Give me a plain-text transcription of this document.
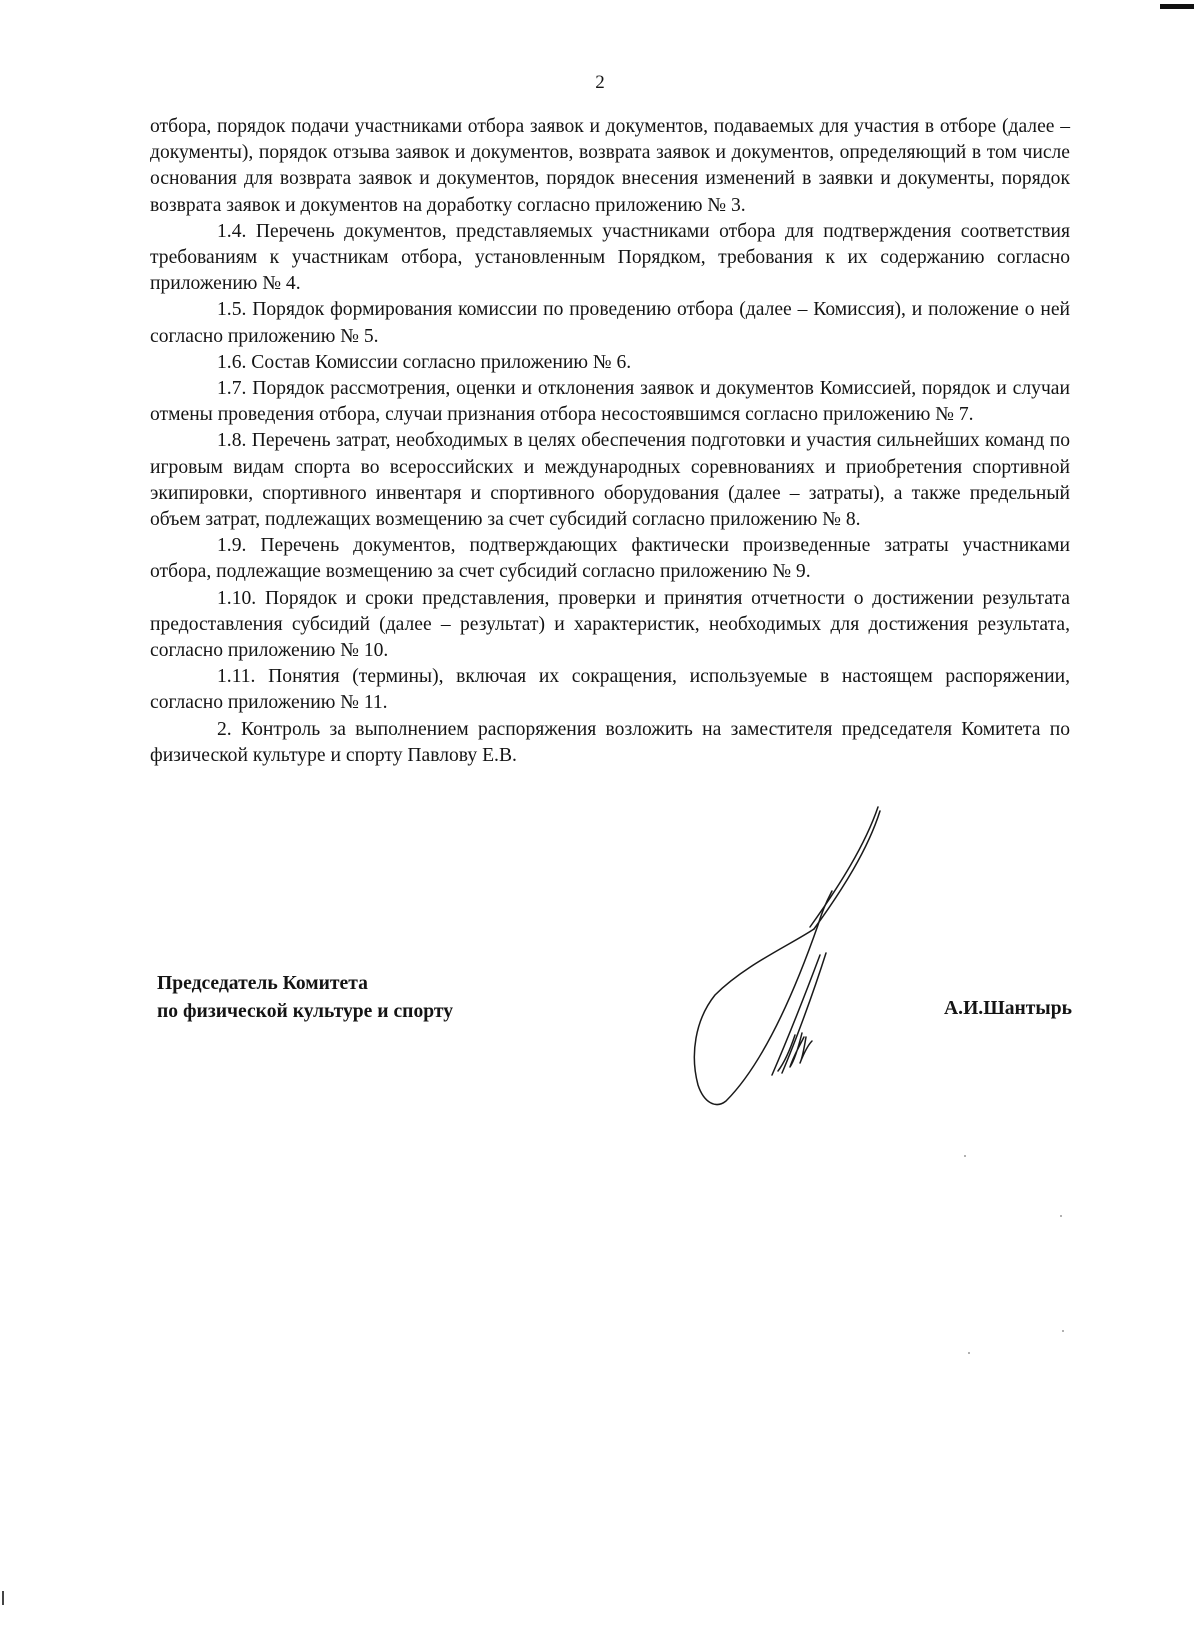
2

отбора, порядок подачи участниками отбора заявок и документов, подаваемых для участия в отборе (далее – документы), порядок отзыва заявок и документов, возврата заявок и документов, определяющий в том числе основания для возврата заявок и документов, порядок внесения изменений в заявки и документы, порядок возврата заявок и документов на доработку согласно приложению № 3.

1.4. Перечень документов, представляемых участниками отбора для подтверждения соответствия требованиям к участникам отбора, установленным Порядком, требования к их содержанию согласно приложению № 4.

1.5. Порядок формирования комиссии по проведению отбора (далее – Комиссия), и положение о ней согласно приложению № 5.

1.6. Состав Комиссии согласно приложению № 6.

1.7. Порядок рассмотрения, оценки и отклонения заявок и документов Комиссией, порядок и случаи отмены проведения отбора, случаи признания отбора несостоявшимся согласно приложению № 7.

1.8. Перечень затрат, необходимых в целях обеспечения подготовки и участия сильнейших команд по игровым видам спорта во всероссийских и международных соревнованиях и приобретения спортивной экипировки, спортивного инвентаря и спортивного оборудования (далее – затраты), а также предельный объем затрат, подлежащих возмещению за счет субсидий согласно приложению № 8.

1.9. Перечень документов, подтверждающих фактически произведенные затраты участниками отбора, подлежащие возмещению за счет субсидий согласно приложению № 9.

1.10. Порядок и сроки представления, проверки и принятия отчетности о достижении результата предоставления субсидий (далее – результат) и характеристик, необходимых для достижения результата, согласно приложению № 10.

1.11. Понятия (термины), включая их сокращения, используемые в настоящем распоряжении, согласно приложению № 11.

2. Контроль за выполнением распоряжения возложить на заместителя председателя Комитета по физической культуре и спорту Павлову Е.В.

Председатель Комитета
по физической культуре и спорту	А.И.Шантырь
